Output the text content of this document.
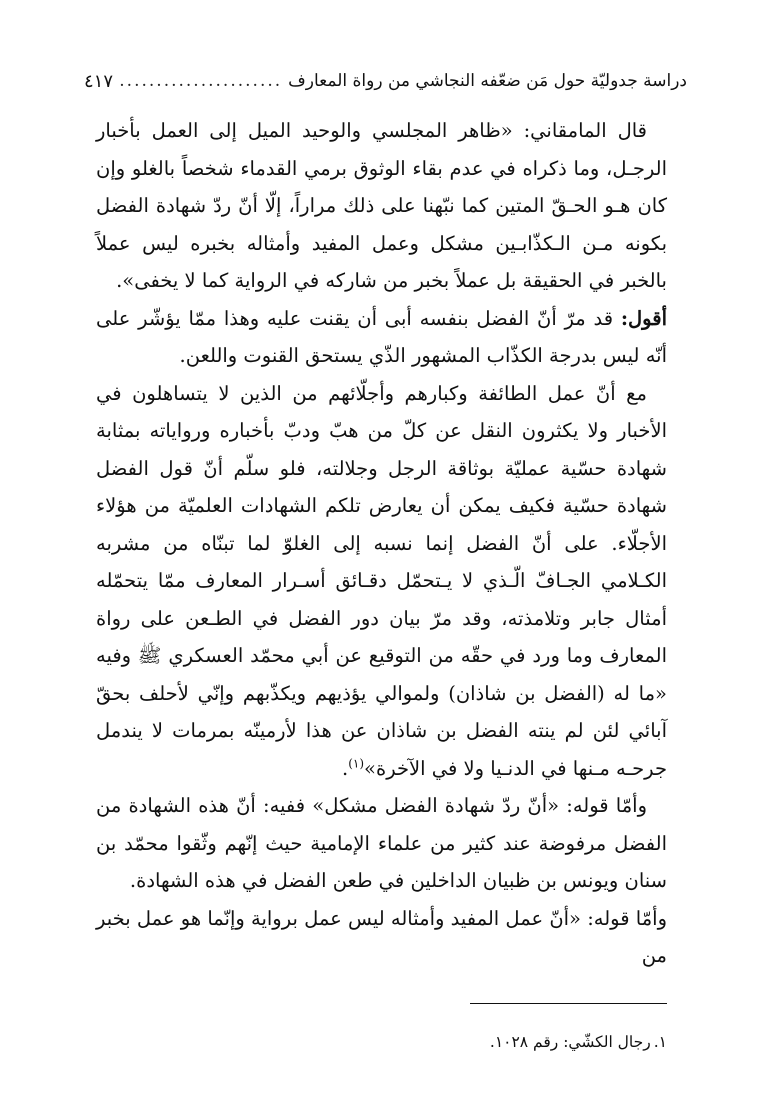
دراسة جدوليّة حول مَن ضعّفه النجاشي من رواة المعارف
.....
٤١٧

قال المامقاني: «ظاهر المجلسي والوحيد الميل إلى العمل بأخبار الرجـل، وما ذكراه في عدم بقاء الوثوق برمي القدماء شخصاً بالغلو وإن كان هـو الحـقّ المتين كما نبّهنا على ذلك مراراً، إلّا أنّ ردّ شهادة الفضل بكونه مـن الـكذّابـين مشكل وعمل المفيد وأمثاله بخبره ليس عملاً بالخبر في الحقيقة بل عملاً بخبر من شاركه في الرواية كما لا يخفى».

أقول: قد مرّ أنّ الفضل بنفسه أبى أن يقنت عليه وهذا ممّا يؤشّر على أنّه ليس بدرجة الكذّاب المشهور الذّي يستحق القنوت واللعن.

مع أنّ عمل الطائفة وكبارهم وأجلّائهم من الذين لا يتساهلون في الأخبار ولا يكثرون النقل عن كلّ من هبّ ودبّ بأخباره ورواياته بمثابة شهادة حسّية عمليّة بوثاقة الرجل وجلالته، فلو سلّم أنّ قول الفضل شهادة حسّية فكيف يمكن أن يعارض تلكم الشهادات العلميّة من هؤلاء الأجلّاء. على أنّ الفضل إنما نسبه إلى الغلوّ لما تبنّاه من مشربه الكـلامي الجـافّ الّـذي لا يـتحمّل دقـائق أسـرار المعارف ممّا يتحمّله أمثال جابر وتلامذته، وقد مرّ بيان دور الفضل في الطـعن على رواة المعارف وما ورد في حقّه من التوقيع عن أبي محمّد العسكري ﷺ وفيه «ما له (الفضل بن شاذان) ولموالي يؤذيهم ويكذّبهم وإنّي لأحلف بحقّ آبائي لئن لم ينته الفضل بن شاذان عن هذا لأرمينّه بمرمات لا يندمل جرحـه مـنها في الدنـيا ولا في الآخرة»$^{(١)}$.

وأمّا قوله: «أنّ ردّ شهادة الفضل مشكل» ففيه: أنّ هذه الشهادة من الفضل مرفوضة عند كثير من علماء الإمامية حيث إنّهم وثّقوا محمّد بن سنان ويونس بن ظبيان الداخلين في طعن الفضل في هذه الشهادة.

وأمّا قوله: «أنّ عمل المفيد وأمثاله ليس عمل برواية وإنّما هو عمل بخبر من

١.رجال الكشّي: رقم ١٠٢٨.
